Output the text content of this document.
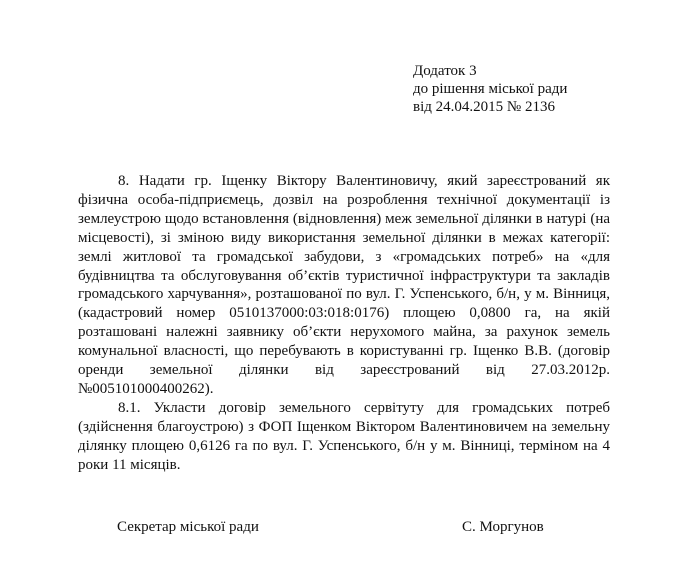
Додаток 3
до рішення міської ради
від 24.04.2015 № 2136

8. Надати гр. Іщенку Віктору Валентиновичу, який зареєстрований як фізична особа-підприємець, дозвіл на розроблення технічної документації із землеустрою щодо встановлення (відновлення) меж земельної ділянки в натурі (на місцевості), зі зміною виду використання земельної ділянки в межах категорії: землі житлової та громадської забудови, з «громадських потреб» на «для будівництва та обслуговування об’єктів туристичної інфраструктури та закладів громадського харчування», розташованої по вул. Г. Успенського, б/н, у м. Вінниця, (кадастровий номер 0510137000:03:018:0176) площею 0,0800 га, на якій розташовані належні заявнику об’єкти нерухомого майна, за рахунок земель комунальної власності, що перебувають в користуванні гр. Іщенко В.В. (договір оренди земельної ділянки від зареєстрований від 27.03.2012р. №005101000400262).

8.1. Укласти договір земельного сервітуту для громадських потреб (здійснення благоустрою) з ФОП Іщенком Віктором Валентиновичем на земельну ділянку площею 0,6126 га по вул. Г. Успенського, б/н у м. Вінниці, терміном на 4 роки 11 місяців.

Секретар міської ради	С. Моргунов
